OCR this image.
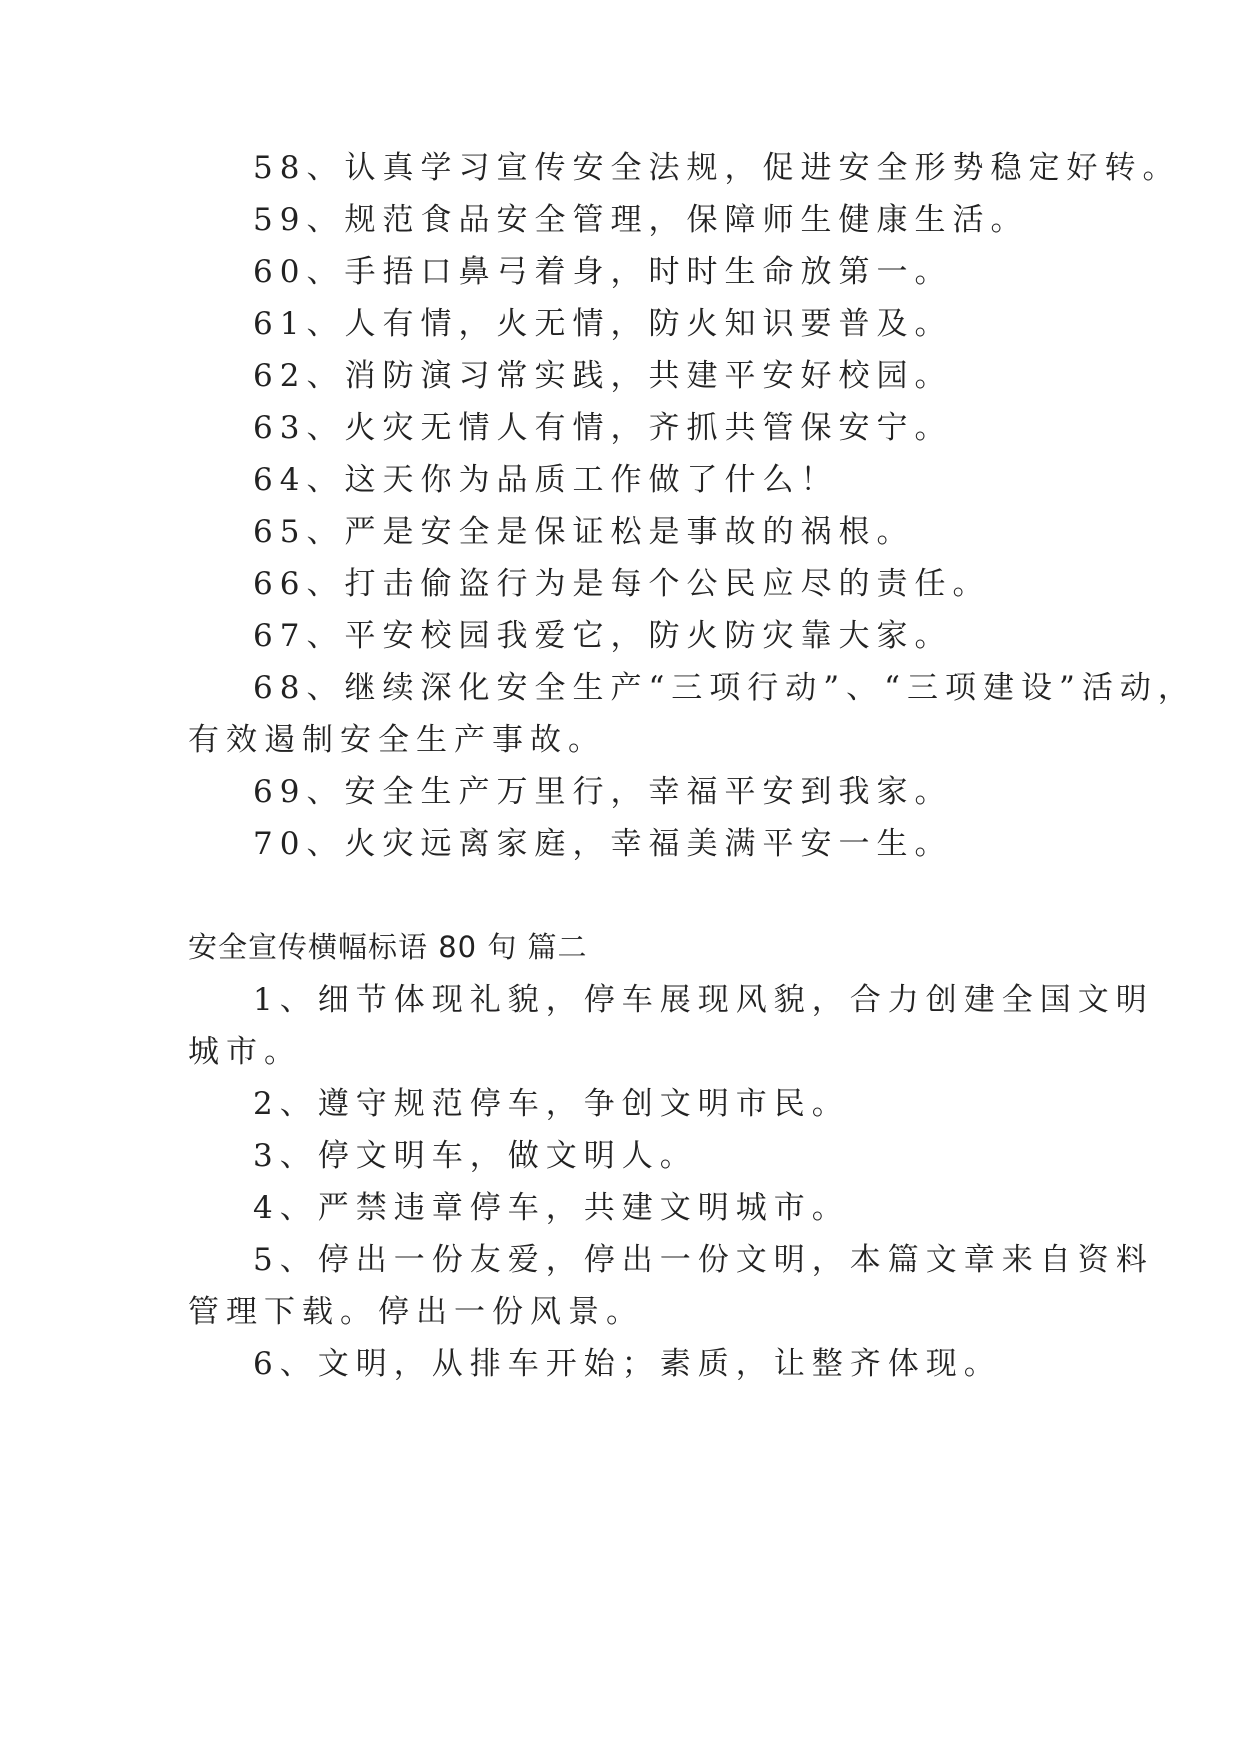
58、认真学习宣传安全法规，促进安全形势稳定好转。
59、规范食品安全管理，保障师生健康生活。
60、手捂口鼻弓着身，时时生命放第一。
61、人有情，火无情，防火知识要普及。
62、消防演习常实践，共建平安好校园。
63、火灾无情人有情，齐抓共管保安宁。
64、这天你为品质工作做了什么！
65、严是安全是保证松是事故的祸根。
66、打击偷盗行为是每个公民应尽的责任。
67、平安校园我爱它，防火防灾靠大家。
68、继续深化安全生产“三项行动”、“三项建设”活动，
有效遏制安全生产事故。
69、安全生产万里行，幸福平安到我家。
70、火灾远离家庭，幸福美满平安一生。
安全宣传横幅标语 80 句 篇二
1、细节体现礼貌，停车展现风貌，合力创建全国文明
城市。
2、遵守规范停车，争创文明市民。
3、停文明车，做文明人。
4、严禁违章停车，共建文明城市。
5、停出一份友爱，停出一份文明，本篇文章来自资料
管理下载。停出一份风景。
6、文明，从排车开始；素质，让整齐体现。
